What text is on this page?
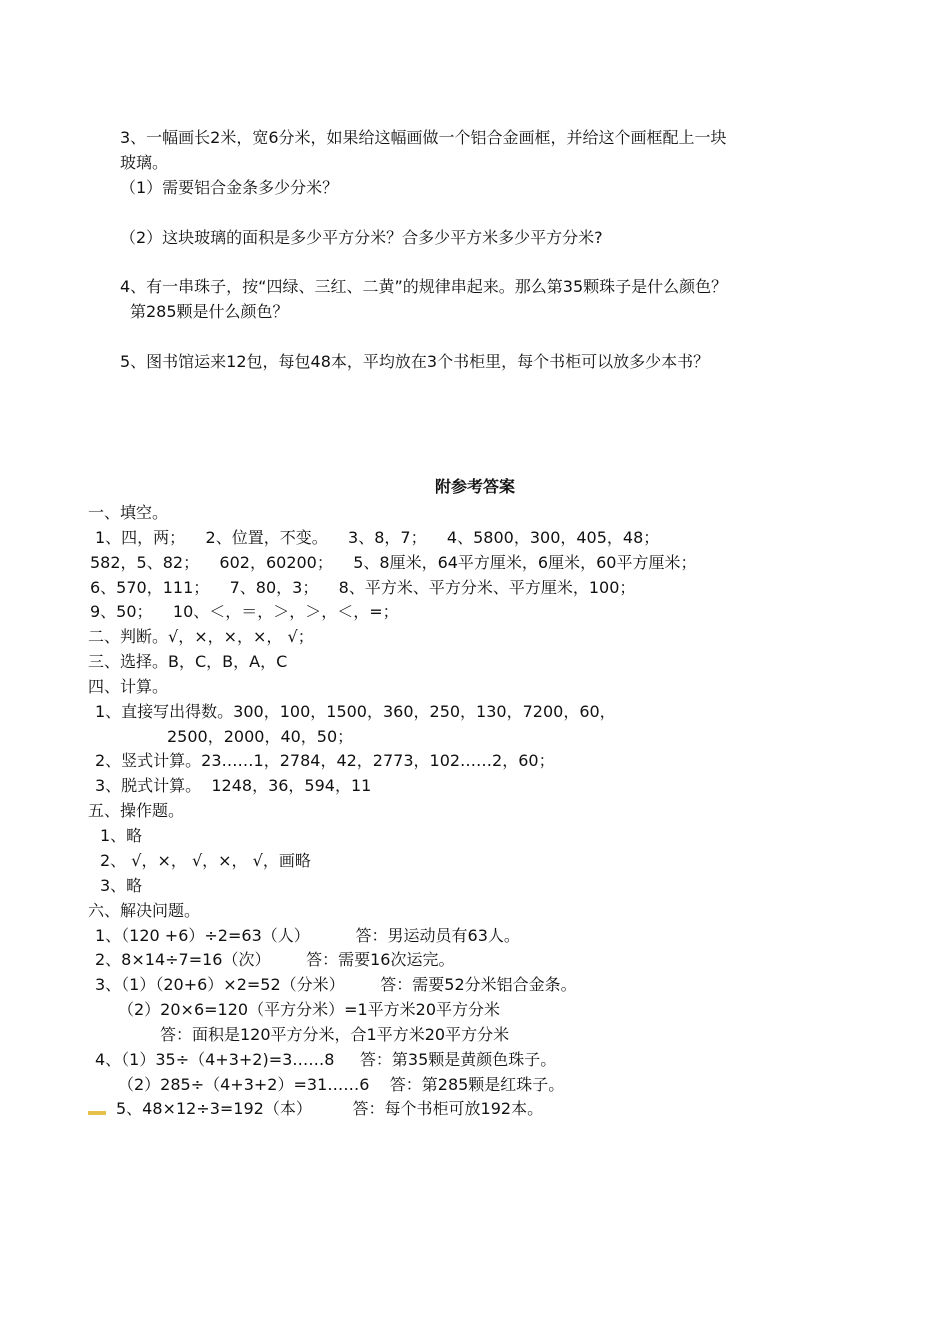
3、一幅画长2米，宽6分米，如果给这幅画做一个铝合金画框，并给这个画框配上一块
玻璃。
（1）需要铝合金条多少分米？
（2）这块玻璃的面积是多少平方分米？合多少平方米多少平方分米?
4、有一串珠子，按“四绿、三红、二黄”的规律串起来。那么第35颗珠子是什么颜色？
第285颗是什么颜色？
5、图书馆运来12包，每包48本，平均放在3个书柜里，每个书柜可以放多少本书？
附参考答案
一、填空。
1、四，两；    2、位置，不变。    3、8，7；    4、5800，300，405，48；
582，5、82；    602，60200；    5、8厘米，64平方厘米，6厘米，60平方厘米；
6、570，111；    7、80，3；    8、平方米、平方分米、平方厘米，100；
9、50；    10、＜，＝，＞，＞，＜，=；
二、判断。√，×，×，×， √；
三、选择。B，C，B，A，C
四、计算。
1、直接写出得数。300，100，1500，360，250，130，7200，60，
2500，2000，40，50；
2、竖式计算。23……1，2784，42，2773，102……2，60；
3、脱式计算。  1248，36，594，11
五、操作题。
1、略
2、 √，×， √，×， √，画略
3、略
六、解决问题。
1、（120 +6）÷2=63（人）         答：男运动员有63人。
2、8×14÷7=16（次）       答：需要16次运完。
3、（1）（20+6）×2=52（分米）       答：需要52分米铝合金条。
（2）20×6=120（平方分米）=1平方米20平方分米
答：面积是120平方分米，合1平方米20平方分米
4、（1）35÷（4+3+2)=3……8     答：第35颗是黄颜色珠子。
（2）285÷（4+3+2）=31……6    答：第285颗是红珠子。
5、48×12÷3=192（本）        答：每个书柜可放192本。
